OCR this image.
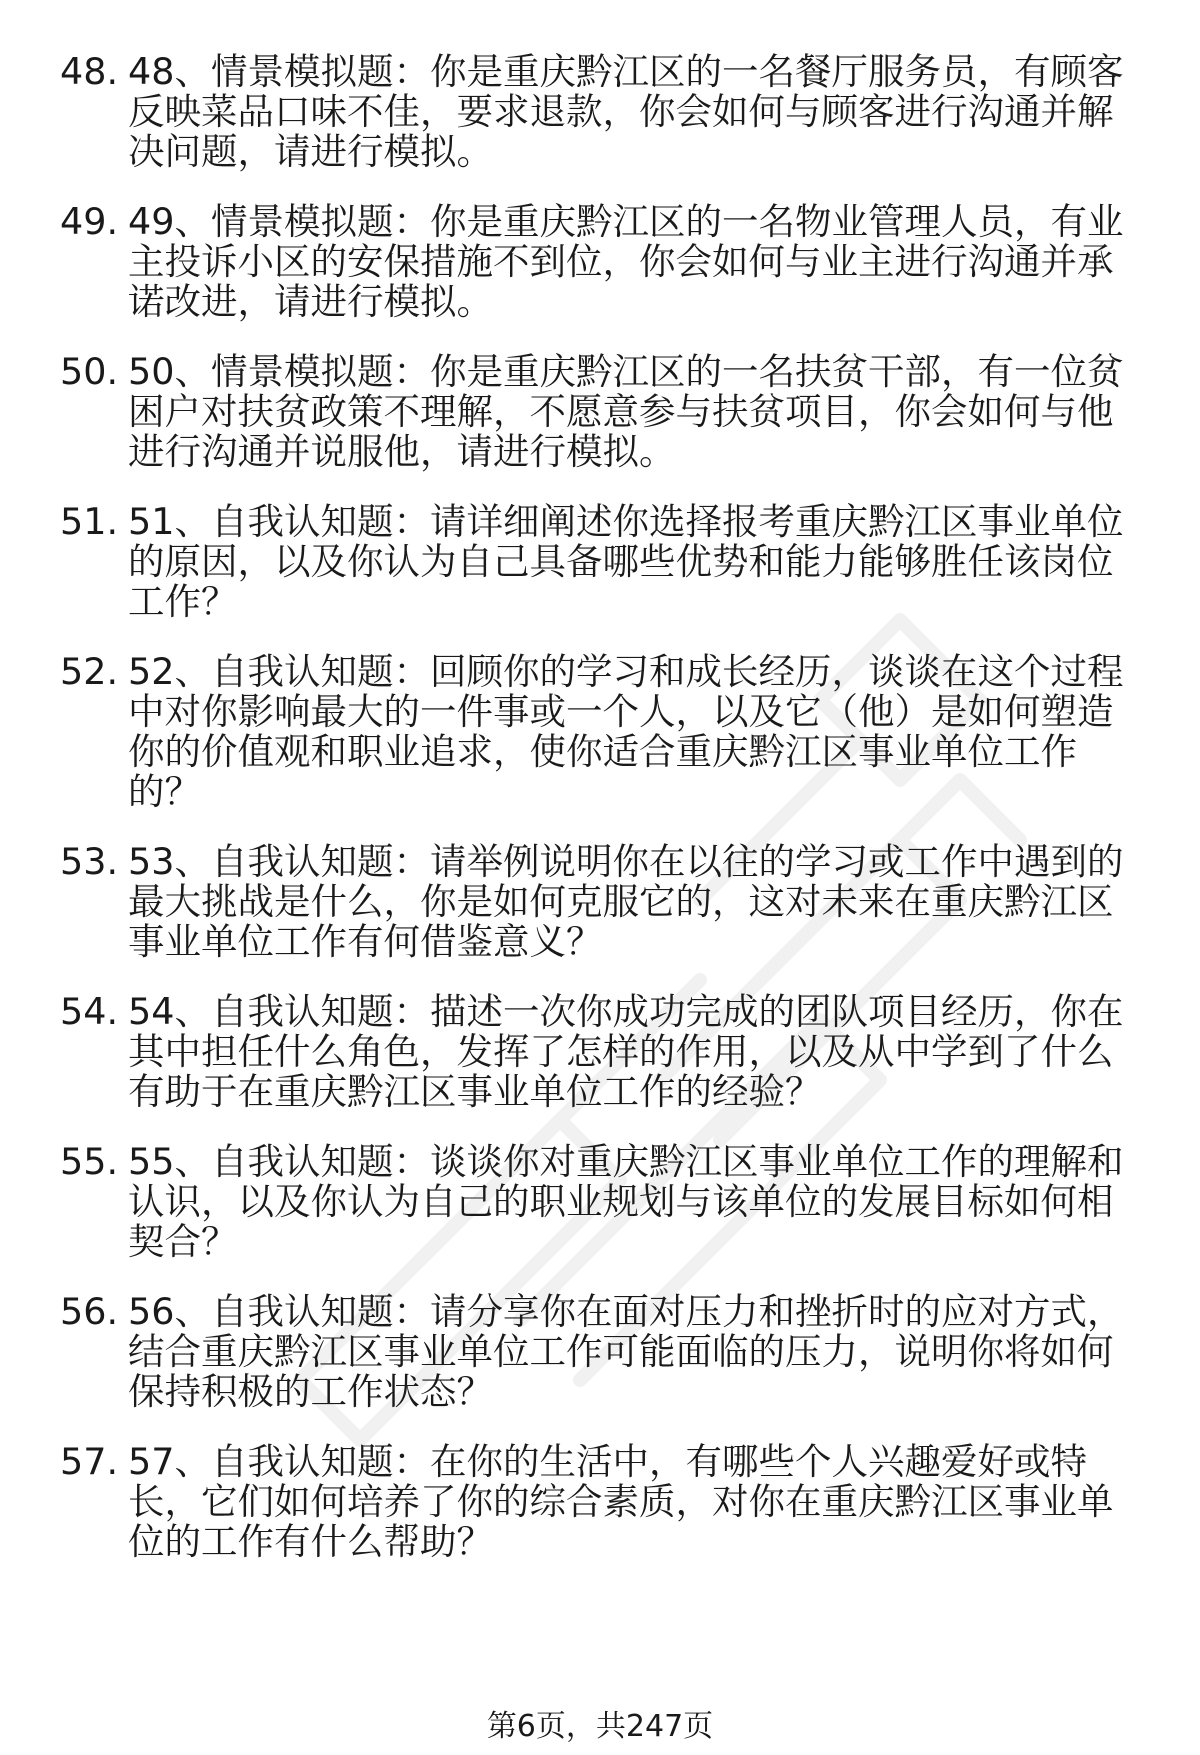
48. 48、情景模拟题：你是重庆黔江区的一名餐厅服务员，有顾客反映菜品口味不佳，要求退款，你会如何与顾客进行沟通并解决问题，请进行模拟。
49. 49、情景模拟题：你是重庆黔江区的一名物业管理人员，有业主投诉小区的安保措施不到位，你会如何与业主进行沟通并承诺改进，请进行模拟。
50. 50、情景模拟题：你是重庆黔江区的一名扶贫干部，有一位贫困户对扶贫政策不理解，不愿意参与扶贫项目，你会如何与他进行沟通并说服他，请进行模拟。
51. 51、自我认知题：请详细阐述你选择报考重庆黔江区事业单位的原因，以及你认为自己具备哪些优势和能力能够胜任该岗位工作？
52. 52、自我认知题：回顾你的学习和成长经历，谈谈在这个过程中对你影响最大的一件事或一个人，以及它（他）是如何塑造你的价值观和职业追求，使你适合重庆黔江区事业单位工作的？
53. 53、自我认知题：请举例说明你在以往的学习或工作中遇到的最大挑战是什么，你是如何克服它的，这对未来在重庆黔江区事业单位工作有何借鉴意义？
54. 54、自我认知题：描述一次你成功完成的团队项目经历，你在其中担任什么角色，发挥了怎样的作用，以及从中学到了什么有助于在重庆黔江区事业单位工作的经验？
55. 55、自我认知题：谈谈你对重庆黔江区事业单位工作的理解和认识，以及你认为自己的职业规划与该单位的发展目标如何相契合？
56. 56、自我认知题：请分享你在面对压力和挫折时的应对方式，结合重庆黔江区事业单位工作可能面临的压力，说明你将如何保持积极的工作状态？
57. 57、自我认知题：在你的生活中，有哪些个人兴趣爱好或特长，它们如何培养了你的综合素质，对你在重庆黔江区事业单位的工作有什么帮助？
第6页，共247页
